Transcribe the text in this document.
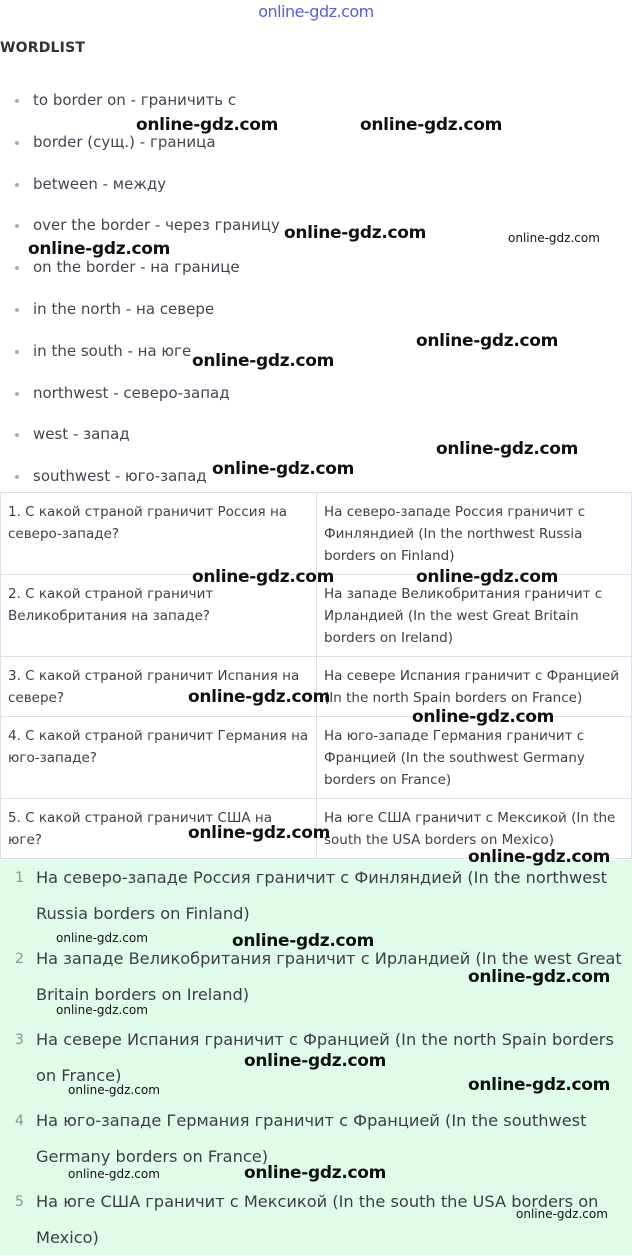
online-gdz.com
WORDLIST
to border on - граничить с
border (сущ.) - граница
between - между
over the border - через границу
on the border - на границе
in the north - на севере
in the south - на юге
northwest - северо-запад
west - запад
southwest - юго-запад
1. С какой страной граничит Россия на северо-западе?	На северо-западе Россия граничит с Финляндией (In the northwest Russia borders on Finland)
2. С какой страной граничит Великобритания на западе?	На западе Великобритания граничит с Ирландией (In the west Great Britain borders on Ireland)
3. С какой страной граничит Испания на севере?	На севере Испания граничит с Францией (In the north Spain borders on France)
4. С какой страной граничит Германия на юго-западе?	На юго-западе Германия граничит с Францией (In the southwest Germany borders on France)
5. С какой страной граничит США на юге?	На юге США граничит с Мексикой (In the south the USA borders on Mexico)
1 На северо-западе Россия граничит с Финляндией (In the northwest Russia borders on Finland)
2 На западе Великобритания граничит с Ирландией (In the west Great Britain borders on Ireland)
3 На севере Испания граничит с Францией (In the north Spain borders on France)
4 На юго-западе Германия граничит с Францией (In the southwest Germany borders on France)
5 На юге США граничит с Мексикой (In the south the USA borders on Mexico)
online-gdz.com	online-gdz.com
online-gdz.com	online-gdz.com
online-gdz.com
online-gdz.com
online-gdz.com
online-gdz.com
online-gdz.com
online-gdz.com	online-gdz.com
online-gdz.com
online-gdz.com
online-gdz.com
online-gdz.com
online-gdz.com	online-gdz.com
online-gdz.com
online-gdz.com
online-gdz.com
online-gdz.com
online-gdz.com
online-gdz.com	online-gdz.com
online-gdz.com
